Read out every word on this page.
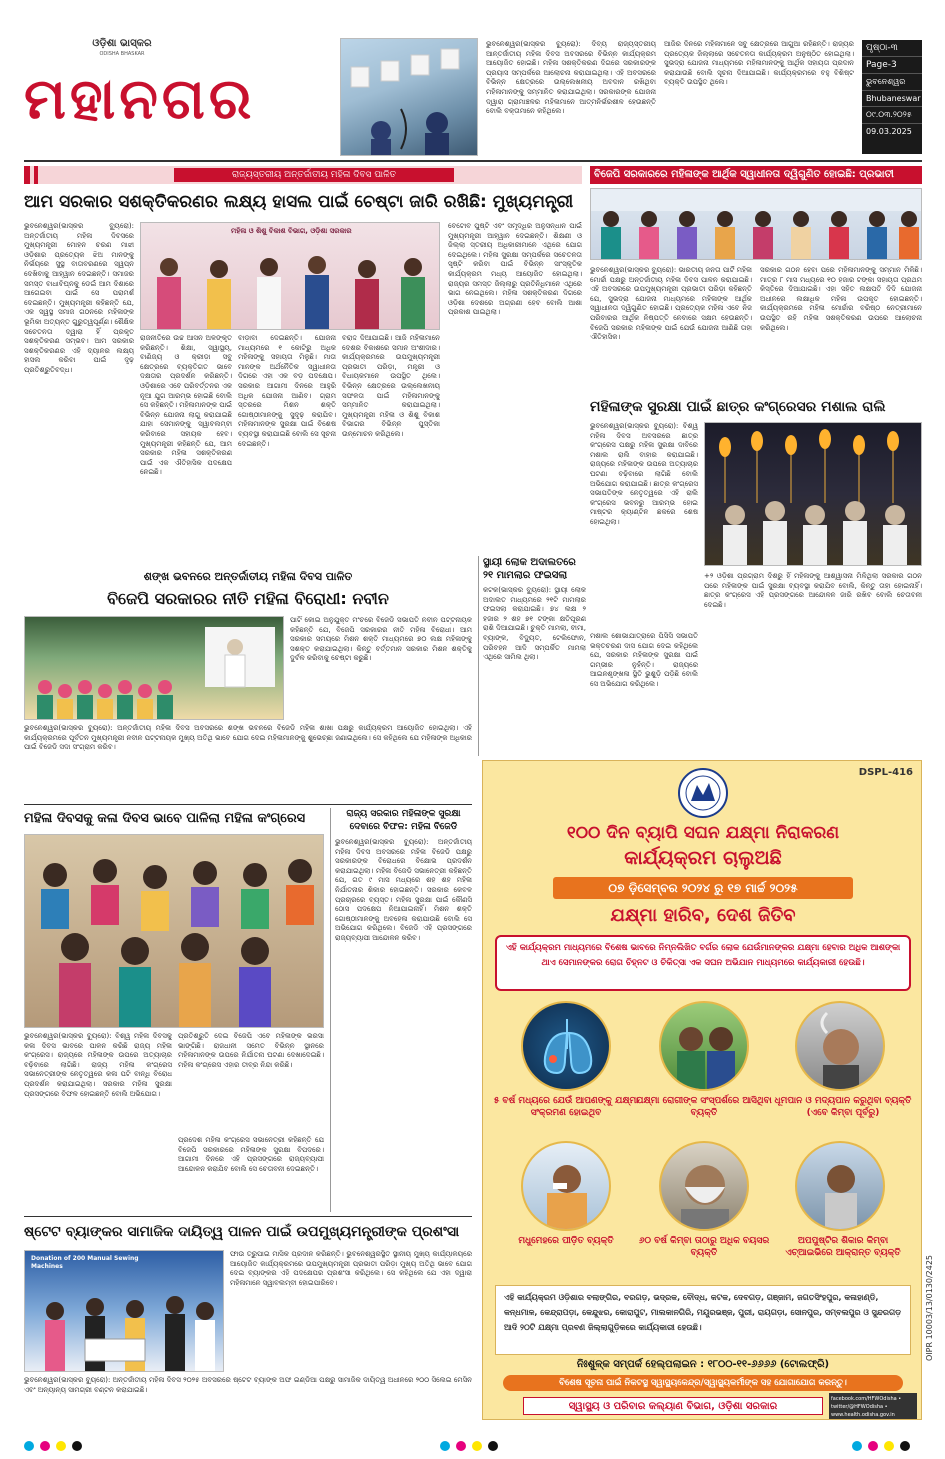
ଓଡ଼ିଶା ଭାସ୍କର
ODISHA BHASKAR
ମହାନଗର
ଭୁବନେଶ୍ୱର(ଭାସ୍କର ବ୍ୟୁରୋ): ଦିବ୍ୟ ରାଜ୍ୟସ୍ତରୀୟ ଆନ୍ତର୍ଜାତୀୟ ମହିଳା ଦିବସ ଅବସରରେ ବିଭିନ୍ନ କାର୍ଯ୍ୟକ୍ରମ ଆୟୋଜିତ ହୋଇଛି। ମହିଳା ସଶକ୍ତିକରଣ ଦିଗରେ ସରକାରଙ୍କ ପ୍ରୟାସ ସମ୍ପର୍କରେ ଆଲୋଚନା କରାଯାଇଥିଲା। ଏହି ଅବସରରେ ବିଭିନ୍ନ କ୍ଷେତ୍ରରେ ଉଲ୍ଲେଖନୀୟ ଅବଦାନ ରଖିଥିବା ମହିଳାମାନଙ୍କୁ ସମ୍ମାନିତ କରାଯାଇଥିଲା। ସରକାରଙ୍କ ଯୋଜନା ଦ୍ୱାରା ଗ୍ରାମାଞ୍ଚଳର ମହିଳାମାନେ ଆତ୍ମନିର୍ଭରଶୀଳ ହେଉଛନ୍ତି ବୋଲି ବକ୍ତାମାନେ କହିଥିଲେ।
ଆଜିର ଦିନରେ ମହିଳାମାନେ ସବୁ କ୍ଷେତ୍ରରେ ଆଗୁଆ ରହିଛନ୍ତି। ରାଜ୍ୟର ପ୍ରତ୍ୟେକ ଜିଲ୍ଲାରେ ସଚେତନତା କାର୍ଯ୍ୟକ୍ରମ ଅନୁଷ୍ଠିତ ହୋଇଥିଲା। ସୁଭଦ୍ରା ଯୋଜନା ମାଧ୍ୟମରେ ମହିଳାମାନଙ୍କୁ ଆର୍ଥିକ ସହାୟତା ପ୍ରଦାନ କରାଯାଉଛି ବୋଲି ସୂଚନା ଦିଆଯାଇଛି। କାର୍ଯ୍ୟକ୍ରମରେ ବହୁ ବିଶିଷ୍ଟ ବ୍ୟକ୍ତି ଉପସ୍ଥିତ ଥିଲେ।
ପୃଷ୍ଠା-୩
Page-3
ଭୁବନେଶ୍ୱର
Bhubaneswar
୦୯.୦୩.୨୦୨୫
09.03.2025
ରାଜ୍ୟସ୍ତରୀୟ ଅନ୍ତର୍ଜାତୀୟ ମହିଳା ଦିବସ ପାଳିତ
ଆମ ସରକାର ସଶକ୍ତିକରଣର ଲକ୍ଷ୍ୟ ହାସଲ ପାଇଁ ଚେଷ୍ଟା ଜାରି ରଖିଛି: ମୁଖ୍ୟମନ୍ତ୍ରୀ
ଭୁବନେଶ୍ୱର(ଭାସ୍କର ବ୍ୟୁରୋ): ଅନ୍ତର୍ଜାତୀୟ ମହିଳା ଦିବସରେ ମୁଖ୍ୟମନ୍ତ୍ରୀ ମୋହନ ଚରଣ ମାଝୀ ଓଡ଼ିଶାର ପ୍ରତ୍ୟେକ ଝିଅ ମାନଙ୍କୁ ନିର୍ଭୟରେ ସୁସ୍ଥ ବାତାବରଣରେ ସ୍ୱପ୍ନ ଦେଖିବାକୁ ଆହ୍ୱାନ ଦେଇଛନ୍ତି। ସମାଜର ସମସ୍ତ ବାଧାବିଘ୍ନକୁ ଡେଇଁ ଆମ ଦିଶାରେ ଆଗେଇବା ପାଇଁ ସେ ପରାମର୍ଶ ଦେଇଛନ୍ତି। ମୁଖ୍ୟମନ୍ତ୍ରୀ କହିଛନ୍ତି ଯେ, ଏକ ସ୍ୱସ୍ଥ ସମାଜ ଗଠନରେ ମହିଳାଙ୍କ ଭୂମିକା ଅତ୍ୟନ୍ତ ଗୁରୁତ୍ୱପୂର୍ଣ୍ଣ। ଶୈକ୍ଷିକ ସଚେତନତା ଦ୍ୱାରା ହିଁ ପ୍ରକୃତ ସଶକ୍ତିକରଣ ସମ୍ଭବ। ଆମ ସରକାର ସଶକ୍ତିକରଣର ଏହି ଦ୍ୟାନର ଲକ୍ଷ୍ୟ ହାସଲ କରିବା ପାଇଁ ଦୃଢ଼ ପ୍ରତିଶ୍ରୁତିବଦ୍ଧ।
ମହିଳା ଓ ଶିଶୁ ବିକାଶ ବିଭାଗ, ଓଡ଼ିଶା ସରକାର
ରାଜନୀତିରେ ଉଚ୍ଚ ଆସନ ଅଳଙ୍କୃତ କରିଛନ୍ତି। ଶିକ୍ଷା, ସ୍ୱାସ୍ଥ୍ୟ, ବାଣିଜ୍ୟ ଓ କ୍ରୀଡ଼ା ସବୁ କ୍ଷେତ୍ରରେ ବ୍ୟକ୍ତିଗତ ଭାବେ ଦକ୍ଷତାର ପ୍ରଦର୍ଶନ କରିଛନ୍ତି। ଓଡ଼ିଶାରେ ଏବେ ପରିବର୍ତ୍ତନର ଏକ ନୂଆ ଯୁଗ ଆରମ୍ଭ ହୋଇଛି ବୋଲି ସେ କହିଛନ୍ତି। ମହିଳାମାନଙ୍କ ପାଇଁ ବିଭିନ୍ନ ଯୋଜନା ଲାଗୁ କରାଯାଇଛି ଯାହା ସେମାନଙ୍କୁ ସ୍ୱାବଲମ୍ବୀ କରିବାରେ ସହାୟକ ହେବ। ମୁଖ୍ୟମନ୍ତ୍ରୀ କହିଛନ୍ତି ଯେ, ଆମ ସରକାର ମହିଳା ସଶକ୍ତିକରଣ ପାଇଁ ଏକ ଐତିହାସିକ ପଦକ୍ଷେପ ନେଇଛି।
ବାଡ଼ାବା ଦେଇଛନ୍ତି। ଯୋଜନା ମାଧ୍ୟମରେ ୧ କୋଟିରୁ ଅଧିକ ମହିଳାଙ୍କୁ ସହାୟତା ମିଳୁଛି। ମାତା ମାନଙ୍କ ଅର୍ଥନୈତିକ ସ୍ୱାଧୀନତା ଦିଗରେ ଏହା ଏକ ବଡ଼ ପଦକ୍ଷେପ। ସରକାର ଆଗାମୀ ଦିନରେ ଆହୁରି ଅଧିକ ଯୋଜନା ଆଣିବ। ଗ୍ରାମ ସ୍ତରରେ ମିଶନ ଶକ୍ତି ଗୋଷ୍ଠୀମାନଙ୍କୁ ସୁଦୃଢ଼ କରାଯିବ। ମହିଳାମାନଙ୍କ ସୁରକ୍ଷା ପାଇଁ ବିଶେଷ ବ୍ୟବସ୍ଥା କରାଯାଇଛି ବୋଲି ସେ ସୂଚନା ଦେଇଛନ୍ତି।
ବରାଦ୍ଦ ଦିଆଯାଇଛି। ଆଜି ମହିଳାମାନେ ଦେଶର ବିକାଶରେ ସମାନ ଅଂଶୀଦାର। କାର୍ଯ୍ୟକ୍ରମରେ ଉପମୁଖ୍ୟମନ୍ତ୍ରୀ ପ୍ରଭାତୀ ପରିଡ଼ା, ମନ୍ତ୍ରୀ ଓ ବିଧାୟକମାନେ ଉପସ୍ଥିତ ଥିଲେ। ବିଭିନ୍ନ କ୍ଷେତ୍ରରେ ଉଲ୍ଲେଖନୀୟ ସଫଳତା ପାଇଁ ମହିଳାମାନଙ୍କୁ ସମ୍ମାନିତ କରାଯାଇଥିଲା। ମୁଖ୍ୟମନ୍ତ୍ରୀ ମହିଳା ଓ ଶିଶୁ ବିକାଶ ବିଭାଗର ବିଭିନ୍ନ ପୁସ୍ତିକା ଉନ୍ମୋଚନ କରିଥିଲେ।
ବେଟୋବ ପୁଷ୍ଟି ଏବଂ ସମୃଦ୍ଧିର ଅନୁସନ୍ଧାନ ପାଇଁ ମୁଖ୍ୟମନ୍ତ୍ରୀ ଆହ୍ୱାନ ଦେଇଛନ୍ତି। ଶିକ୍ଷଣୀ ଓ ଜିଲ୍ଲା ସ୍ତରୀୟ ଅଧିକାରୀମାନେ ଏଥିରେ ଯୋଗ ଦେଇଥିଲେ। ମହିଳା ସୁରକ୍ଷା ସମ୍ପର୍କରେ ସଚେତନତା ସୃଷ୍ଟି କରିବା ପାଇଁ ବିଭିନ୍ନ ସାଂସ୍କୃତିକ କାର୍ଯ୍ୟକ୍ରମ ମଧ୍ୟ ଆୟୋଜିତ ହୋଇଥିଲା। ରାଜ୍ୟର ସମସ୍ତ ଜିଲ୍ଲାରୁ ପ୍ରତିନିଧିମାନେ ଏଥିରେ ଭାଗ ନେଇଥିଲେ। ମହିଳା ସଶକ୍ତିକରଣ ଦିଗରେ ଓଡ଼ିଶା ଦେଶରେ ଅଗ୍ରଣୀ ହେବ ବୋଲି ଆଶା ପ୍ରକାଶ ପାଇଥିଲା।
ବିଜେପି ସରକାରରେ ମହିଳାଙ୍କ ଆର୍ଥିକ ସ୍ୱାଧୀନତା ଦ୍ୱିଗୁଣିତ ହୋଇଛି: ପ୍ରଭାତୀ
ଭୁବନେଶ୍ୱର(ଭାସ୍କର ବ୍ୟୁରୋ): ଭାରତୀୟ ଜନତା ପାର୍ଟି ମହିଳା ମୋର୍ଚ୍ଚା ପକ୍ଷରୁ ଅନ୍ତର୍ଜାତୀୟ ମହିଳା ଦିବସ ପାଳନ କରାଯାଇଛି। ଏହି ଅବସରରେ ଉପମୁଖ୍ୟମନ୍ତ୍ରୀ ପ୍ରଭାତୀ ପରିଡ଼ା କହିଛନ୍ତି ଯେ, ସୁଭଦ୍ରା ଯୋଜନା ମାଧ୍ୟମରେ ମହିଳାଙ୍କ ଆର୍ଥିକ ସ୍ୱାଧୀନତା ଦ୍ୱିଗୁଣିତ ହୋଇଛି। ପ୍ରତ୍ୟେକ ମହିଳା ଏବେ ନିଜ ପରିବାରର ଆର୍ଥିକ ନିଷ୍ପତ୍ତି ନେବାରେ ସକ୍ଷମ ହେଉଛନ୍ତି। ବିଜେପି ସରକାର ମହିଳାଙ୍କ ପାଇଁ ଯେଉଁ ଯୋଜନା ଆଣିଛି ତାହା ଐତିହାସିକ।
ସରକାର ଗଠନ ହେବା ପରେ ମହିଳାମାନଙ୍କୁ ସମ୍ମାନ ମିଳିଛି। ମାତ୍ର ୮ ମାସ ମଧ୍ୟରେ ୧୦ ହଜାର ଟଙ୍କା ସହାୟତା ପ୍ରଥମ କିସ୍ତିରେ ଦିଆଯାଇଛି। ଏହା ସହିତ ଲକ୍ଷପତି ଦିଦି ଯୋଜନା ଅଧୀନରେ ଲକ୍ଷାଧିକ ମହିଳା ଉପକୃତ ହୋଇଛନ୍ତି। କାର୍ଯ୍ୟକ୍ରମରେ ମହିଳା ମୋର୍ଚ୍ଚାର ବରିଷ୍ଠ ନେତ୍ରୀମାନେ ଉପସ୍ଥିତ ରହି ମହିଳା ସଶକ୍ତିକରଣ ଉପରେ ଆଲୋଚନା କରିଥିଲେ।
ମହିଳାଙ୍କ ସୁରକ୍ଷା ପାଇଁ ଛାତ୍ର କଂଗ୍ରେସର ମଶାଲ ରାଲି
ଭୁବନେଶ୍ୱର(ଭାସ୍କର ବ୍ୟୁରୋ): ବିଶ୍ୱ ମହିଳା ଦିବସ ଅବସରରେ ଛାତ୍ର କଂଗ୍ରେସ ପକ୍ଷରୁ ମହିଳା ସୁରକ୍ଷା ଦାବିରେ ମଶାଲ ରାଲି ବାହାର କରାଯାଇଛି। ରାଜ୍ୟରେ ମହିଳାଙ୍କ ଉପରେ ଅତ୍ୟାଚାର ଘଟଣା ବଢ଼ିବାରେ ଲାଗିଛି ବୋଲି ଅଭିଯୋଗ କରାଯାଇଛି। ଛାତ୍ର କଂଗ୍ରେସ ସଭାପତିଙ୍କ ନେତୃତ୍ୱରେ ଏହି ରାଲି କଂଗ୍ରେସ ଭବନରୁ ଆରମ୍ଭ ହୋଇ ମାଷ୍ଟର କ୍ୟାଣ୍ଟିନ ଛକରେ ଶେଷ ହୋଇଥିଲା।
ମଶାଲ ଶୋଭାଯାତ୍ରାରେ ପିସିସି ସଭାପତି ଭକ୍ତଚରଣ ଦାସ ଯୋଗ ଦେଇ କହିଥିଲେ ଯେ, ସରକାର ମହିଳାଙ୍କ ସୁରକ୍ଷା ପାଇଁ ଗମ୍ଭୀର ନୁହଁନ୍ତି। ରାଜ୍ୟରେ ଆଇନଶୃଙ୍ଖଳା ସ୍ଥିତି ଭୁଶୁଡ଼ି ପଡ଼ିଛି ବୋଲି ସେ ଅଭିଯୋଗ କରିଥିଲେ।
+୨ ଓଡ଼ିଶା ପ୍ରଗ୍ରାମ ଦିଶରୁ ହିଁ ମହିଳାଙ୍କୁ ଆଶ୍ୱାସନା ମିଳିଥିଲା ସରକାର ଗଠନ ପରେ ମହିଳାଙ୍କ ପାଇଁ ସୁରକ୍ଷା ବ୍ୟବସ୍ଥା କରାଯିବ ବୋଲି, କିନ୍ତୁ ତାହା ହୋଇନାହିଁ। ଛାତ୍ର କଂଗ୍ରେସ ଏହି ପ୍ରସଙ୍ଗରେ ଆନ୍ଦୋଳନ ଜାରି ରଖିବ ବୋଲି ଚେତାବନୀ ଦେଇଛି।
ସ୍ଥାୟୀ ଲୋକ ଅଦାଲତରେ ୨୧ ମାମଲାର ଫଇସଲା
କଟକ(ଭାସ୍କର ବ୍ୟୁରୋ): ସ୍ଥାୟୀ ଲୋକ ଅଦାଲତ ମାଧ୍ୟମରେ ୨୧ଟି ମାମଲାର ଫଇସଲା କରାଯାଇଛି। ୭୪ ଲକ୍ଷ ୨ ହଜାର ୨ ଶହ ୭୧ ଟଙ୍କା କ୍ଷତିପୂରଣ ରାଶି ଦିଆଯାଇଛି। ଚୁକ୍ତି ମାମଲା, ବୀମା, ବ୍ୟାଙ୍କ, ବିଦ୍ୟୁତ, ଟେଲିଫୋନ, ପରିବହନ ଆଦି ସମ୍ପର୍କିତ ମାମଲା ଏଥିରେ ସାମିଲ ଥିଲା।
ଶଙ୍ଖ ଭବନରେ ଅନ୍ତର୍ଜାତୀୟ ମହିଳା ଦିବସ ପାଳିତ
ବିଜେପି ସରକାରର ନୀତି ମହିଳା ବିରୋଧୀ: ନବୀନ
ପାଟିଁ କୋଇ ଅନୁଯୁକ୍ତ ମଂଚରେ ବିଜେଡି ସଭାପତି ନବୀନ ପଟ୍ଟନାୟକ କହିଛନ୍ତି ଯେ, ବିଜେପି ସରକାରର ନୀତି ମହିଳା ବିରୋଧୀ। ଆମ ସରକାର ସମୟରେ ମିଶନ ଶକ୍ତି ମାଧ୍ୟମରେ ୭୦ ଲକ୍ଷ ମହିଳାଙ୍କୁ ସଶକ୍ତ କରାଯାଇଥିଲା। କିନ୍ତୁ ବର୍ତ୍ତମାନ ସରକାର ମିଶନ ଶକ୍ତିକୁ ଦୁର୍ବଳ କରିବାକୁ ଚେଷ୍ଟା କରୁଛି।
ଭୁବନେଶ୍ୱର(ଭାସ୍କର ବ୍ୟୁରୋ): ଅନ୍ତର୍ଜାତୀୟ ମହିଳା ଦିବସ ଅବସରରେ ଶଙ୍ଖ ଭବନରେ ବିଜେଡି ମହିଳା ଶାଖା ପକ୍ଷରୁ କାର୍ଯ୍ୟକ୍ରମ ଆୟୋଜିତ ହୋଇଥିଲା। ଏହି କାର୍ଯ୍ୟକ୍ରମରେ ପୂର୍ବତନ ମୁଖ୍ୟମନ୍ତ୍ରୀ ନବୀନ ପଟ୍ଟନାୟକ ମୁଖ୍ୟ ଅତିଥି ଭାବେ ଯୋଗ ଦେଇ ମହିଳାମାନଙ୍କୁ ଶୁଭେଚ୍ଛା ଜଣାଇଥିଲେ। ସେ କହିଥିଲେ ଯେ ମହିଳାଙ୍କ ଅଧିକାର ପାଇଁ ବିଜେଡି ସଦା ସଂଗ୍ରାମ କରିବ।
ମହିଳା ଦିବସକୁ କଳା ଦିବସ ଭାବେ ପାଳିଲା ମହିଳା କଂଗ୍ରେସ
ଭୁବନେଶ୍ୱର(ଭାସ୍କର ବ୍ୟୁରୋ): ବିଶ୍ୱ ମହିଳା ଦିବସକୁ କଳା ଦିବସ ଭାବରେ ପାଳନ କରିଛି ରାଜ୍ୟ ମହିଳା କଂଗ୍ରେସ। ରାଜ୍ୟରେ ମହିଳାଙ୍କ ଉପରେ ଅତ୍ୟାଚାର ବଢ଼ିବାରେ ଲାଗିଛି। ରାଜ୍ୟ ମହିଳା କଂଗ୍ରେସ ସଭାନେତ୍ରୀଙ୍କ ନେତୃତ୍ୱରେ କଳା ପଟି ବାନ୍ଧି ବିରୋଧ ପ୍ରଦର୍ଶନ କରାଯାଇଥିଲା। ସରକାର ମହିଳା ସୁରକ୍ଷା ପ୍ରସଙ୍ଗରେ ବିଫଳ ହୋଇଛନ୍ତି ବୋଲି ଅଭିଯୋଗ।
ପ୍ରତିଶ୍ରୁତି ଦେଇ ବିଜେପି ଏବେ ମହିଳାଙ୍କ ଭରସା ଭାଙ୍ଗିଛି। ରାଜଧାନୀ ସମେତ ବିଭିନ୍ନ ସ୍ଥାନରେ ମହିଳାମାନଙ୍କ ଉପରେ ନିର୍ଯାତନା ଘଟଣା ଦେଖାଦେଇଛି। ମହିଳା କଂଗ୍ରେସ ଏହାର ତୀବ୍ର ନିନ୍ଦା କରିଛି।
ପ୍ରଦେଶ ମହିଳା କଂଗ୍ରେସ ସଭାନେତ୍ରୀ କହିଛନ୍ତି ଯେ ବିଜେପି ସରକାରରେ ମହିଳାଙ୍କ ସୁରକ୍ଷା ବିପଦରେ। ଆଗାମୀ ଦିନରେ ଏହି ପ୍ରସଙ୍ଗରେ ରାଜ୍ୟବ୍ୟାପୀ ଆନ୍ଦୋଳନ କରାଯିବ ବୋଲି ସେ ଚେତାବନୀ ଦେଇଛନ୍ତି।
ରାଜ୍ୟ ସରକାର ମହିଳାଙ୍କ ସୁରକ୍ଷା ଦେବାରେ ବିଫଳ: ମହିଳା ବିଜେଡି
ଭୁବନେଶ୍ୱର(ଭାସ୍କର ବ୍ୟୁରୋ): ଅନ୍ତର୍ଜାତୀୟ ମହିଳା ଦିବସ ଅବସରରେ ମହିଳା ବିଜେଡି ପକ୍ଷରୁ ସରକାରଙ୍କ ବିରୋଧରେ ବିକ୍ଷୋଭ ପ୍ରଦର୍ଶନ କରାଯାଇଥିଲା। ମହିଳା ବିଜେଡି ସଭାନେତ୍ରୀ କହିଛନ୍ତି ଯେ, ଗତ ୯ ମାସ ମଧ୍ୟରେ ଶହ ଶହ ମହିଳା ନିର୍ଯାତନାର ଶିକାର ହୋଇଛନ୍ତି। ସରକାର କେବଳ ପ୍ରଚାରରେ ବ୍ୟସ୍ତ। ମହିଳା ସୁରକ୍ଷା ପାଇଁ କୌଣସି ଠୋସ ପଦକ୍ଷେପ ନିଆଯାଇନାହିଁ। ମିଶନ ଶକ୍ତି ଗୋଷ୍ଠୀମାନଙ୍କୁ ଅବହେଳା କରାଯାଉଛି ବୋଲି ସେ ଅଭିଯୋଗ କରିଥିଲେ। ବିଜେଡି ଏହି ପ୍ରସଙ୍ଗରେ ରାଜ୍ୟବ୍ୟାପୀ ଆନ୍ଦୋଳନ କରିବ।
ଷ୍ଟେଟ ବ୍ୟାଙ୍କର ସାମାଜିକ ଦାୟିତ୍ୱ ପାଳନ ପାଇଁ ଉପମୁଖ୍ୟମନ୍ତ୍ରୀଙ୍କ ପ୍ରଶଂସା
Donation of 200 Manual Sewing Machines
ଫାଉ ତ୍ରୁପାଇ ମାସିକ ପ୍ରଦାନ କରିଛନ୍ତି। ଭୁବନେଶ୍ୱରସ୍ଥିତ ସ୍ଥାନୀୟ ମୁଖ୍ୟ କାର୍ଯ୍ୟାଳୟରେ ଆୟୋଜିତ କାର୍ଯ୍ୟକ୍ରମରେ ଉପମୁଖ୍ୟମନ୍ତ୍ରୀ ପ୍ରଭାତୀ ପରିଡ଼ା ମୁଖ୍ୟ ଅତିଥି ଭାବେ ଯୋଗ ଦେଇ ବ୍ୟାଙ୍କର ଏହି ପଦକ୍ଷେପର ପ୍ରଶଂସା କରିଥିଲେ। ସେ କହିଥିଲେ ଯେ ଏହା ଦ୍ୱାରା ମହିଳାମାନେ ସ୍ୱାବଲମ୍ବୀ ହୋଇପାରିବେ।
ଭୁବନେଶ୍ୱର(ଭାସ୍କର ବ୍ୟୁରୋ): ଅନ୍ତର୍ଜାତୀୟ ମହିଳା ଦିବସ ୨୦୨୫ ଅବସରରେ ଷ୍ଟେଟ ବ୍ୟାଙ୍କ ଅଫ ଇଣ୍ଡିଆ ପକ୍ଷରୁ ସାମାଜିକ ଦାୟିତ୍ୱ ଅଧୀନରେ ୨୦୦ ସିଲେଇ ମେସିନ ଏବଂ ଅନ୍ୟାନ୍ୟ ସାମଗ୍ରୀ ବଣ୍ଟନ କରାଯାଇଛି।
DSPL-416
୧୦୦ ଦିନ ବ୍ୟାପି ସଘନ ଯକ୍ଷ୍ମା ନିରାକରଣ
କାର୍ଯ୍ୟକ୍ରମ ଚାଲୁଅଛି
୦୭ ଡ଼ିସେମ୍ବର ୨୦୨୪ ରୁ ୧୭ ମାର୍ଚ୍ଚ ୨୦୨୫
ଯକ୍ଷ୍ମା ହାରିବ, ଦେଶ ଜିତିବ
ଏହି କାର୍ଯ୍ୟକ୍ରମ ମାଧ୍ୟମରେ ବିଶେଷ ଭାବରେ ନିମ୍ନଲିଖିତ ବର୍ଗର ଲୋକ ଯେଉଁମାନଙ୍କର ଯକ୍ଷ୍ମା ହେବାର ଅଧିକ ଆଶଙ୍କା ଥାଏ ସେମାନଙ୍କର ରୋଗ ଚିହ୍ନଟ ଓ ଚିକିତ୍ସା ଏକ ସଘନ ଅଭିଯାନ ମାଧ୍ୟମରେ କାର୍ଯ୍ୟକାରୀ ହେଉଛି।
୫ ବର୍ଷ ମଧ୍ୟରେ ଯେଉଁ ଆପଣଙ୍କୁ ଯକ୍ଷ୍ମା ସଂକ୍ରମଣ ହୋଇଥିବ
ଯକ୍ଷ୍ମା ରୋଗୀଙ୍କ ସଂସ୍ପର୍ଶରେ ଆସିଥିବା ବ୍ୟକ୍ତି
ଧୂମପାନ ଓ ମଦ୍ୟପାନ କରୁଥିବା ବ୍ୟକ୍ତି (ଏବେ କିମ୍ବା ପୂର୍ବରୁ)
ମଧୁମେହରେ ପୀଡ଼ିତ ବ୍ୟକ୍ତି	୬୦ ବର୍ଷ କିମ୍ବା ତାଠାରୁ ଅଧିକ ବୟସର ବ୍ୟକ୍ତି
ଅପପୁଷ୍ଟିର ଶିକାର କିମ୍ବା ଏଚ୍ଆଇଭିରେ ଆକ୍ରାନ୍ତ ବ୍ୟକ୍ତି
ଏହି କାର୍ଯ୍ୟକ୍ରମ ଓଡ଼ିଶାର ବଲାଙ୍ଗିର, ବରଗଡ଼, ଭଦ୍ରକ, ବୌଦ୍ଧ, କଟକ, ଦେବଗଡ଼, ଗଞ୍ଜାମ, ଜଗତସିଂହପୁର, କଳାହାଣ୍ଡି, କନ୍ଧମାଳ, କେନ୍ଦ୍ରାପଡ଼ା, କେନ୍ଦୁଝର, କୋରାପୁଟ, ମାଲକାନଗିରି, ମୟୂରଭଞ୍ଜ, ପୁରୀ, ରାୟଗଡ଼ା, ସୋନପୁର, ସମ୍ବଲପୁର ଓ ସୁନ୍ଦରଗଡ଼ ଆଦି ୨୦ଟି ଯକ୍ଷ୍ମା ପ୍ରବଣ ଜିଲ୍ଲାଗୁଡ଼ିକରେ କାର୍ଯ୍ୟକାରୀ ହେଉଛି।
ନିଃଶୁଳ୍କ ସମ୍ପର୍କ ହେଲ୍ପଲାଇନ : ୧୮୦୦-୧୧-୬୬୬୬ (ଟୋଲଫ୍ରି)
ବିଶେଷ ସୂଚନା ପାଇଁ ନିକଟସ୍ଥ ସ୍ୱାସ୍ଥ୍ୟକେନ୍ଦ୍ର/ସ୍ୱାସ୍ଥ୍ୟକର୍ମୀଙ୍କ ସହ ଯୋଗାଯୋଗ କରନ୍ତୁ।
ସ୍ୱାସ୍ଥ୍ୟ ଓ ପରିବାର କଲ୍ୟାଣ ବିଭାଗ, ଓଡ଼ିଶା ସରକାର
facebook.com/HFWOdisha • twitter/@HFWOdisha • www.health.odisha.gov.in
OIPR 10003/13/0130/2425
